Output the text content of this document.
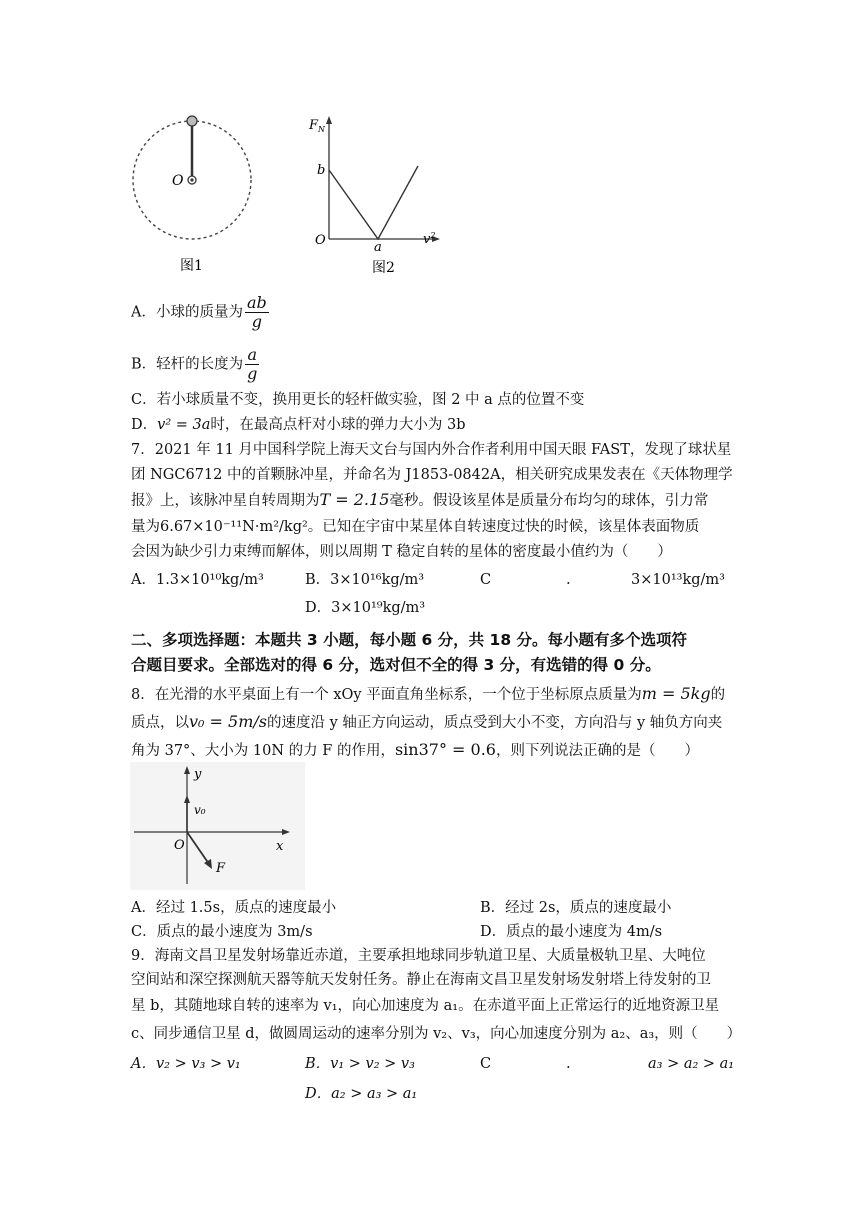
O
图1
$F_N$
b
O	a
$v^2$
图2
A．小球的质量为 $\frac{ab}{g}$
B．轻杆的长度为 $\frac{a}{g}$
C．若小球质量不变，换用更长的轻杆做实验，图 2 中 a 点的位置不变
D．v² = 3a时，在最高点杆对小球的弹力大小为 3b
7．2021 年 11 月中国科学院上海天文台与国内外合作者利用中国天眼 FAST，发现了球状星
团 NGC6712 中的首颗脉冲星，并命名为 J1853-0842A，相关研究成果发表在《天体物理学
报》上，该脉冲星自转周期为T = 2.15毫秒。假设该星体是质量分布均匀的球体，引力常
量为6.67×10⁻¹¹N·m²/kg²。已知在宇宙中某星体自转速度过快的时候，该星体表面物质
会因为缺少引力束缚而解体，则以周期 T 稳定自转的星体的密度最小值约为（　　）
A．1.3×10¹⁰kg/m³	B．3×10¹⁶kg/m³	C	.	3×10¹³kg/m³
D．3×10¹⁹kg/m³
二、多项选择题：本题共 3 小题，每小题 6 分，共 18 分。每小题有多个选项符
合题目要求。全部选对的得 6 分，选对但不全的得 3 分，有选错的得 0 分。
8．在光滑的水平桌面上有一个 xOy 平面直角坐标系，一个位于坐标原点质量为m = 5kg的
质点，以v₀ = 5m/s的速度沿 y 轴正方向运动，质点受到大小不变，方向沿与 y 轴负方向夹
角为 37°、大小为 10N 的力 F 的作用，sin37° = 0.6，则下列说法正确的是（　　）
y
v₀
O	x
F
A．经过 1.5s，质点的速度最小	B．经过 2s，质点的速度最小
C．质点的最小速度为 3m/s	D．质点的最小速度为 4m/s
9．海南文昌卫星发射场靠近赤道，主要承担地球同步轨道卫星、大质量极轨卫星、大吨位
空间站和深空探测航天器等航天发射任务。静止在海南文昌卫星发射场发射塔上待发射的卫
星 b，其随地球自转的速率为 v₁，向心加速度为 a₁。在赤道平面上正常运行的近地资源卫星
c、同步通信卫星 d，做圆周运动的速率分别为 v₂、v₃，向心加速度分别为 a₂、a₃，则（　　）
A．v₂ > v₃ > v₁	B．v₁ > v₂ > v₃	C	.	a₃ > a₂ > a₁
D．a₂ > a₃ > a₁
